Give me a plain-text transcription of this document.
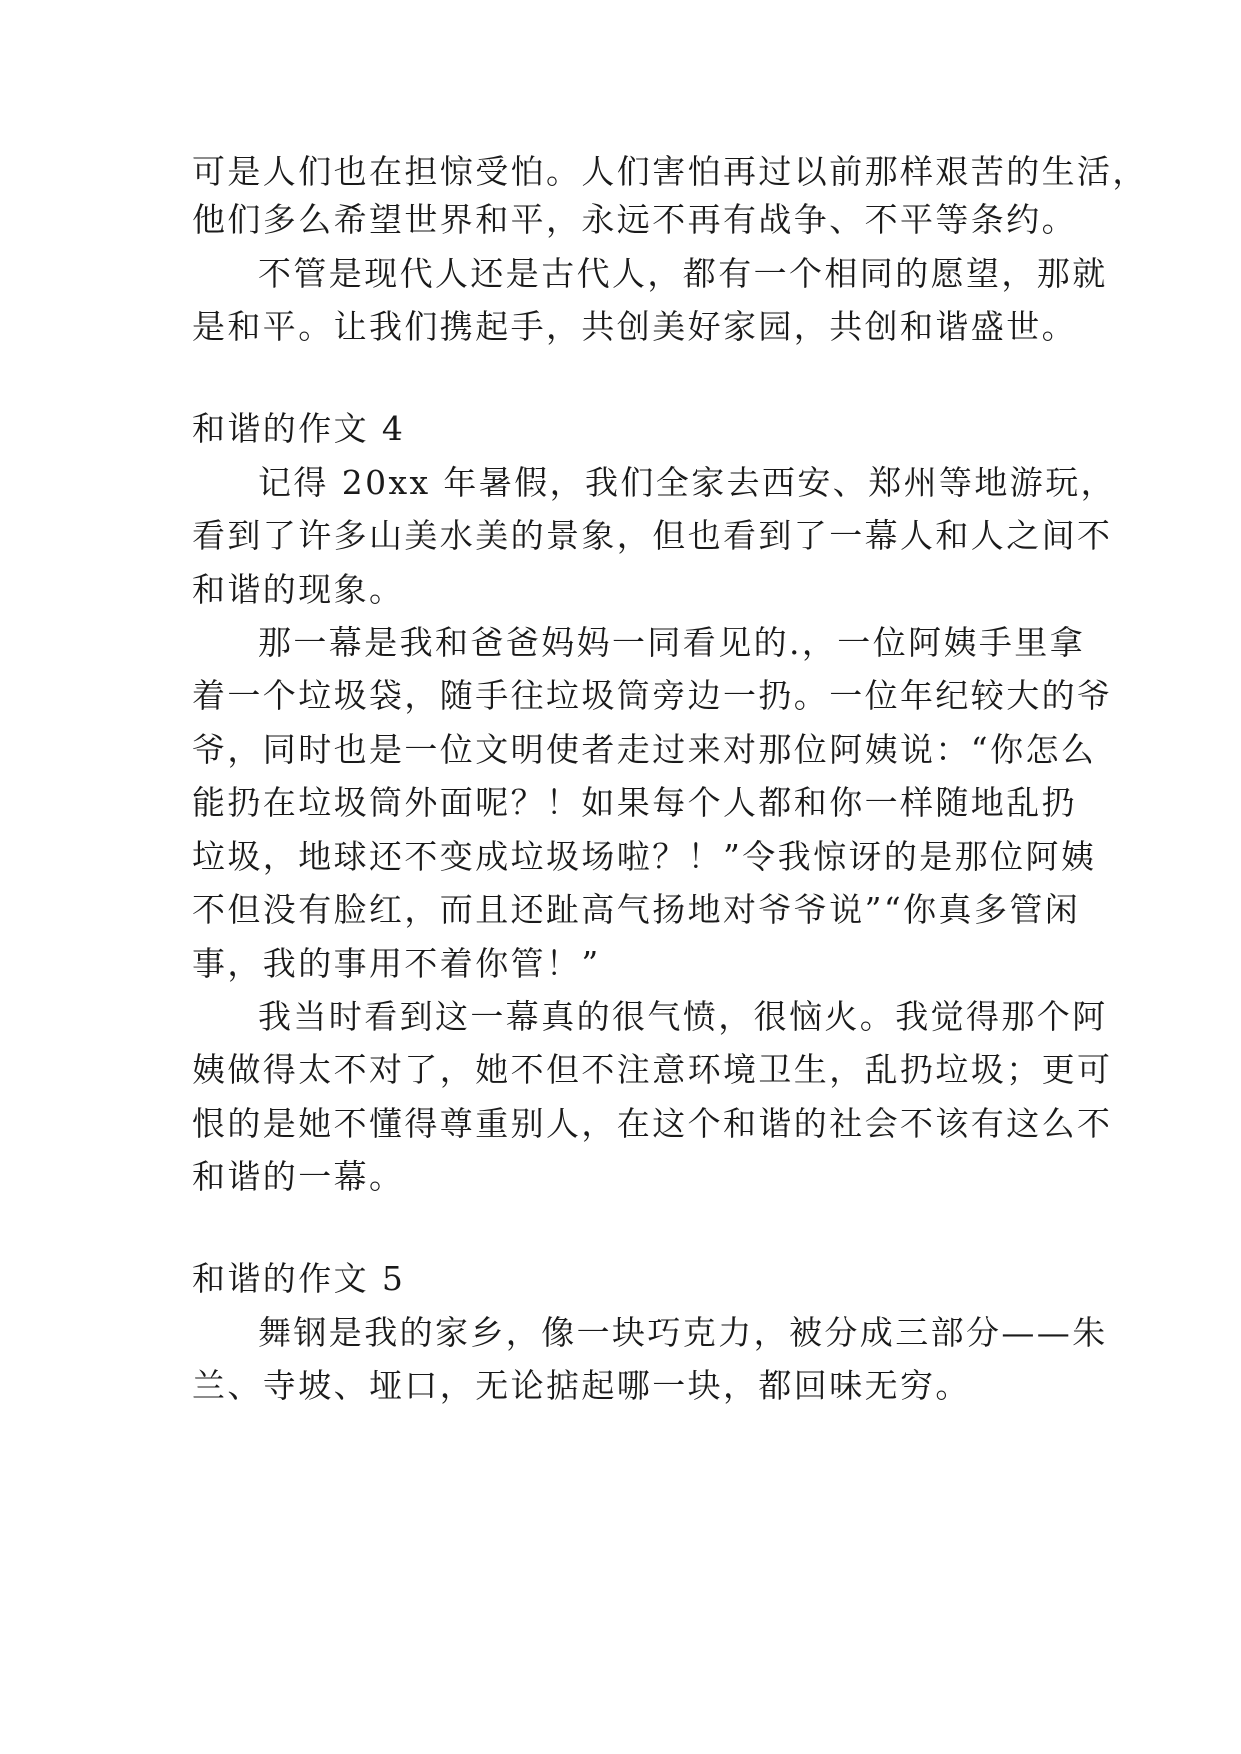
可是人们也在担惊受怕。人们害怕再过以前那样艰苦的生活，
他们多么希望世界和平，永远不再有战争、不平等条约。
不管是现代人还是古代人，都有一个相同的愿望，那就
是和平。让我们携起手，共创美好家园，共创和谐盛世。
和谐的作文 4
记得 20xx 年暑假，我们全家去西安、郑州等地游玩，
看到了许多山美水美的景象，但也看到了一幕人和人之间不
和谐的现象。
那一幕是我和爸爸妈妈一同看见的.，一位阿姨手里拿
着一个垃圾袋，随手往垃圾筒旁边一扔。一位年纪较大的爷
爷，同时也是一位文明使者走过来对那位阿姨说：“你怎么
能扔在垃圾筒外面呢？！如果每个人都和你一样随地乱扔
垃圾，地球还不变成垃圾场啦？！”令我惊讶的是那位阿姨
不但没有脸红，而且还趾高气扬地对爷爷说”“你真多管闲
事，我的事用不着你管！”
我当时看到这一幕真的很气愤，很恼火。我觉得那个阿
姨做得太不对了，她不但不注意环境卫生，乱扔垃圾；更可
恨的是她不懂得尊重别人，在这个和谐的社会不该有这么不
和谐的一幕。
和谐的作文 5
舞钢是我的家乡，像一块巧克力，被分成三部分——朱
兰、寺坡、垭口，无论掂起哪一块，都回味无穷。
